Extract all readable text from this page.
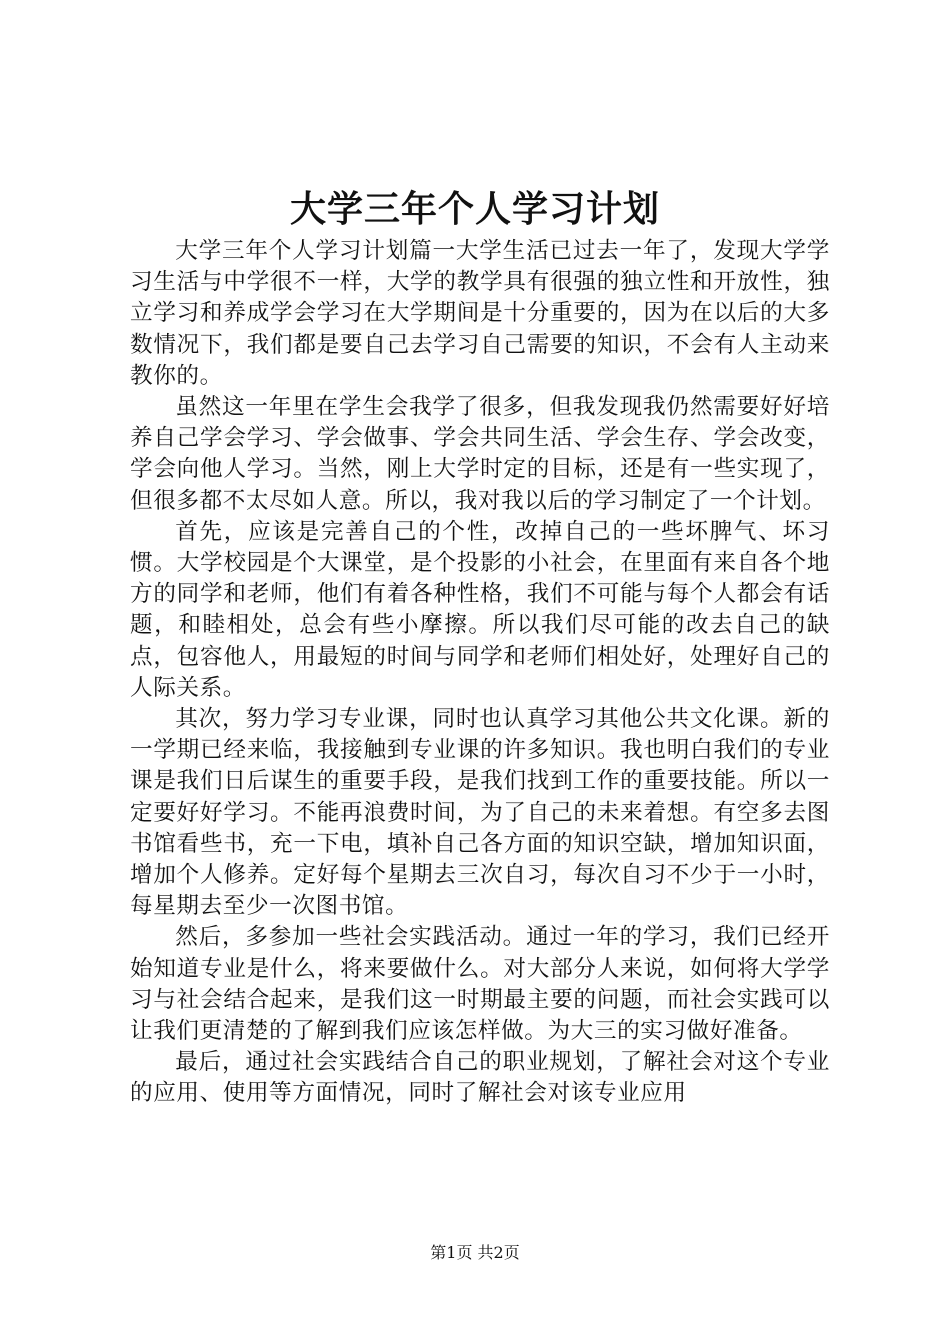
大学三年个人学习计划

大学三年个人学习计划篇一大学生活已过去一年了，发现大学学习生活与中学很不一样，大学的教学具有很强的独立性和开放性，独立学习和养成学会学习在大学期间是十分重要的，因为在以后的大多数情况下，我们都是要自己去学习自己需要的知识，不会有人主动来教你的。

虽然这一年里在学生会我学了很多，但我发现我仍然需要好好培养自己学会学习、学会做事、学会共同生活、学会生存、学会改变，学会向他人学习。当然，刚上大学时定的目标，还是有一些实现了，但很多都不太尽如人意。所以，我对我以后的学习制定了一个计划。

首先，应该是完善自己的个性，改掉自己的一些坏脾气、坏习惯。大学校园是个大课堂，是个投影的小社会，在里面有来自各个地方的同学和老师，他们有着各种性格，我们不可能与每个人都会有话题，和睦相处，总会有些小摩擦。所以我们尽可能的改去自己的缺点，包容他人，用最短的时间与同学和老师们相处好，处理好自己的人际关系。

其次，努力学习专业课，同时也认真学习其他公共文化课。新的一学期已经来临，我接触到专业课的许多知识。我也明白我们的专业课是我们日后谋生的重要手段，是我们找到工作的重要技能。所以一定要好好学习。不能再浪费时间，为了自己的未来着想。有空多去图书馆看些书，充一下电，填补自己各方面的知识空缺，增加知识面，增加个人修养。定好每个星期去三次自习，每次自习不少于一小时，每星期去至少一次图书馆。

然后，多参加一些社会实践活动。通过一年的学习，我们已经开始知道专业是什么，将来要做什么。对大部分人来说，如何将大学学习与社会结合起来，是我们这一时期最主要的问题，而社会实践可以让我们更清楚的了解到我们应该怎样做。为大三的实习做好准备。

最后，通过社会实践结合自己的职业规划，了解社会对这个专业的应用、使用等方面情况，同时了解社会对该专业应用

第1页 共2页
